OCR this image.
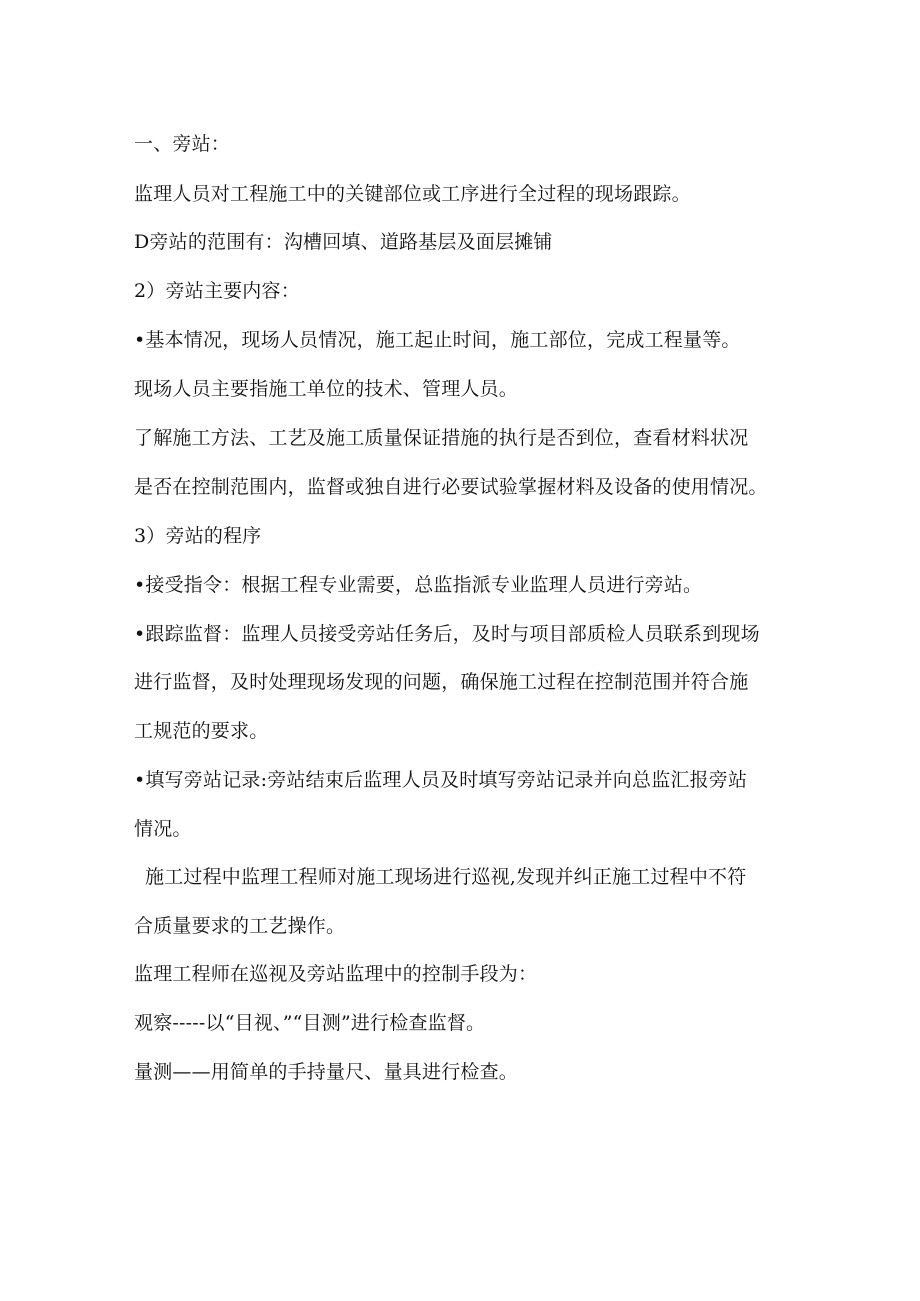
一、旁站：
监理人员对工程施工中的关键部位或工序进行全过程的现场跟踪。
D旁站的范围有：沟槽回填、道路基层及面层摊铺
2）旁站主要内容：
•基本情况，现场人员情况，施工起止时间，施工部位，完成工程量等。
现场人员主要指施工单位的技术、管理人员。
了解施工方法、工艺及施工质量保证措施的执行是否到位，查看材料状况
是否在控制范围内，监督或独自进行必要试验掌握材料及设备的使用情况。
3）旁站的程序
•接受指令：根据工程专业需要，总监指派专业监理人员进行旁站。
•跟踪监督：监理人员接受旁站任务后，及时与项目部质检人员联系到现场
进行监督，及时处理现场发现的问题，确保施工过程在控制范围并符合施
工规范的要求。
•填写旁站记录:旁站结束后监理人员及时填写旁站记录并向总监汇报旁站
情况。
施工过程中监理工程师对施工现场进行巡视,发现并纠正施工过程中不符
合质量要求的工艺操作。
监理工程师在巡视及旁站监理中的控制手段为：
观察-----以“目视、”“目测”进行检查监督。
量测——用简单的手持量尺、量具进行检查。
